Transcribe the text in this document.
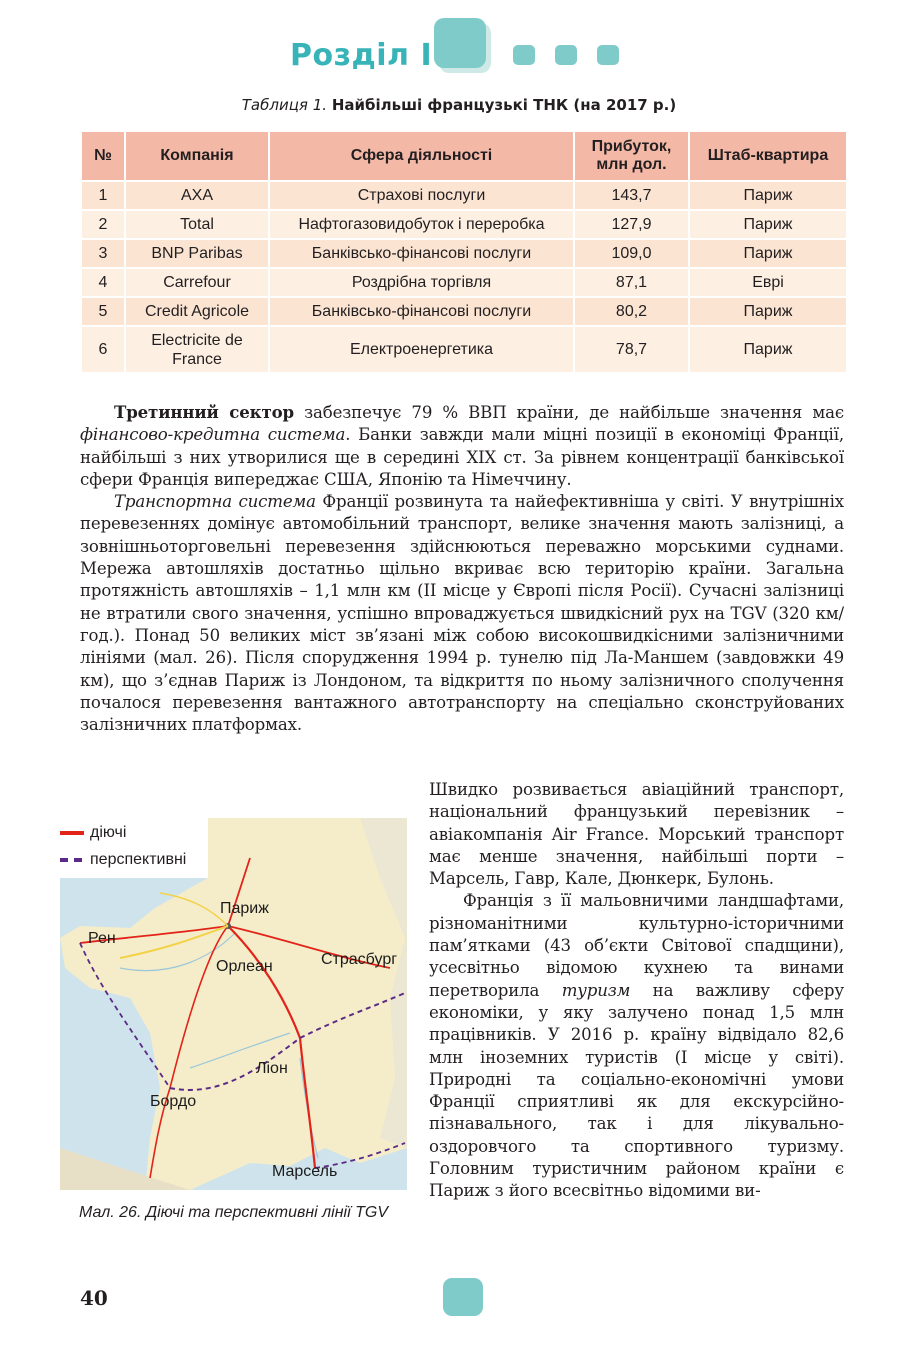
Розділ І
Таблиця 1. Найбільші французькі ТНК (на 2017 р.)
№	Компанія	Сфера діяльності	Прибуток, млн дол.	Штаб-квартира
1	AXA	Страхові послуги	143,7	Париж
2	Total	Нафтогазовидобуток і переробка	127,9	Париж
3	BNP Paribas	Банківсько-фінансові послуги	109,0	Париж
4	Carrefour	Роздрібна торгівля	87,1	Еврі
5	Credit Agricole	Банківсько-фінансові послуги	80,2	Париж
6	Electricite de France	Електроенергетика	78,7	Париж

Третинний сектор забезпечує 79 % ВВП країни, де найбільше значення має фінансово-кредитна система. Банки завжди мали міцні позиції в економіці Франції, найбільші з них утворилися ще в середині XIX ст. За рівнем концентрації банківської сфери Франція випереджає США, Японію та Німеччину.

Транспортна система Франції розвинута та найефективніша у світі. У внутрішніх перевезеннях домінує автомобільний транспорт, велике значення мають залізниці, а зовнішньоторговельні перевезення здійснюються переважно морськими суднами. Мережа автошляхів достатньо щільно вкриває всю територію країни. Загальна протяжність автошляхів – 1,1 млн км (II місце у Європі після Росії). Сучасні залізниці не втратили свого значення, успішно впроваджується швидкісний рух на TGV (320 км/год.). Понад 50 великих міст зв’язані між собою високошвидкісними залізничними лініями (мал. 26). Після спорудження 1994 р. тунелю під Ла-Маншем (завдовжки 49 км), що з’єднав Париж із Лондоном, та відкриття по ньому залізничного сполучення почалося перевезення вантажного автотранспорту на спеціально сконструйованих залізничних платформах.

Швидко розвивається авіаційний транспорт, національний французький перевізник – авіакомпанія Air France. Морський транспорт має менше значення, найбільші порти – Марсель, Гавр, Кале, Дюнкерк, Булонь.

Франція з її мальовничими ландшафтами, різноманітними культурно-історичними пам’ятками (43 об’єкти Світової спадщини), усесвітньо відомою кухнею та винами перетворила туризм на важливу сферу економіки, у яку залучено понад 1,5 млн працівників. У 2016 р. країну відвідало 82,6 млн іноземних туристів (І місце у світі). Природні та соціально-економічні умови Франції сприятливі як для екскурсійно-пізнавального, так і для лікувально-оздоровчого та спортивного туризму. Головним туристичним районом країни є Париж з його всесвітньо відомими ви-

діючі
перспективні
Париж
Рен
Орлеан	Страсбург
Ліон
Бордо
Марсель
Мал. 26. Діючі та перспективні лінії TGV
40
